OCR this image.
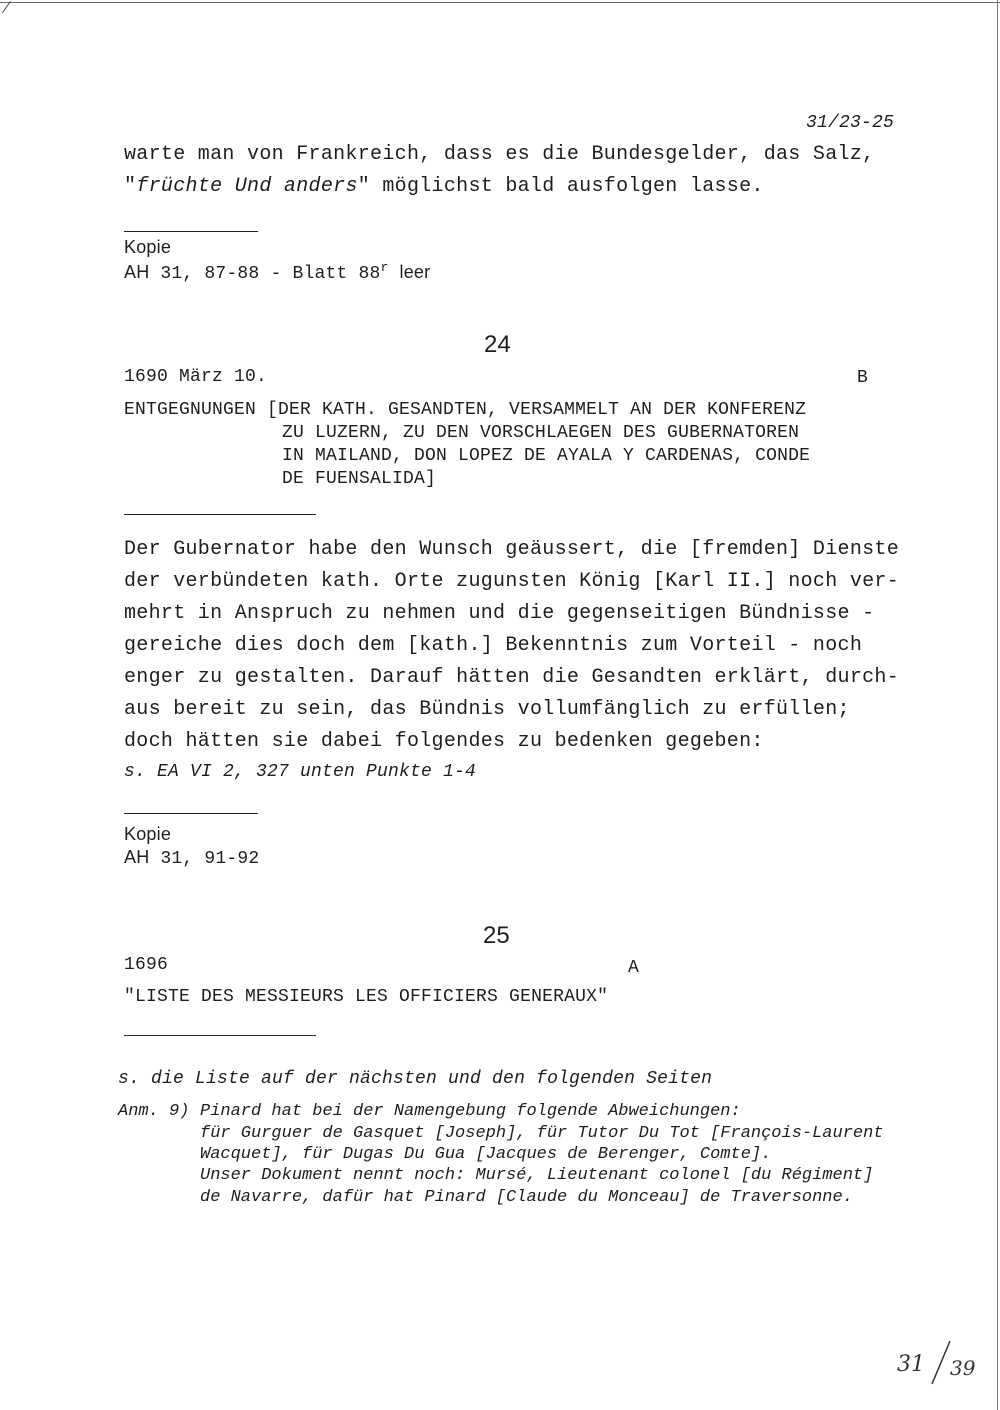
31/23-25
warte man von Frankreich, dass es die Bundesgelder, das Salz,
"früchte Und anders" möglichst bald ausfolgen lasse.
Kopie
AH 31, 87-88 - Blatt 88$^r$ leer
24
1690 März 10.	B
ENTGEGNUNGEN [DER KATH. GESANDTEN, VERSAMMELT AN DER KONFERENZ
ZU LUZERN, ZU DEN VORSCHLAEGEN DES GUBERNATOREN
IN MAILAND, DON LOPEZ DE AYALA Y CARDENAS, CONDE
DE FUENSALIDA]
Der Gubernator habe den Wunsch geäussert, die [fremden] Dienste
der verbündeten kath. Orte zugunsten König [Karl II.] noch ver-
mehrt in Anspruch zu nehmen und die gegenseitigen Bündnisse -
gereiche dies doch dem [kath.] Bekenntnis zum Vorteil - noch
enger zu gestalten. Darauf hätten die Gesandten erklärt, durch-
aus bereit zu sein, das Bündnis vollumfänglich zu erfüllen;
doch hätten sie dabei folgendes zu bedenken gegeben:
s. EA VI 2, 327 unten Punkte 1-4
Kopie
AH 31, 91-92
25
1696	A
"LISTE DES MESSIEURS LES OFFICIERS GENERAUX"
s. die Liste auf der nächsten und den folgenden Seiten
Anm. 9) Pinard hat bei der Namengebung folgende Abweichungen:
für Gurguer de Gasquet [Joseph], für Tutor Du Tot [François-Laurent
Wacquet], für Dugas Du Gua [Jacques de Berenger, Comte].
Unser Dokument nennt noch: Mursé, Lieutenant colonel [du Régiment]
de Navarre, dafür hat Pinard [Claude du Monceau] de Traversonne.
31 39
